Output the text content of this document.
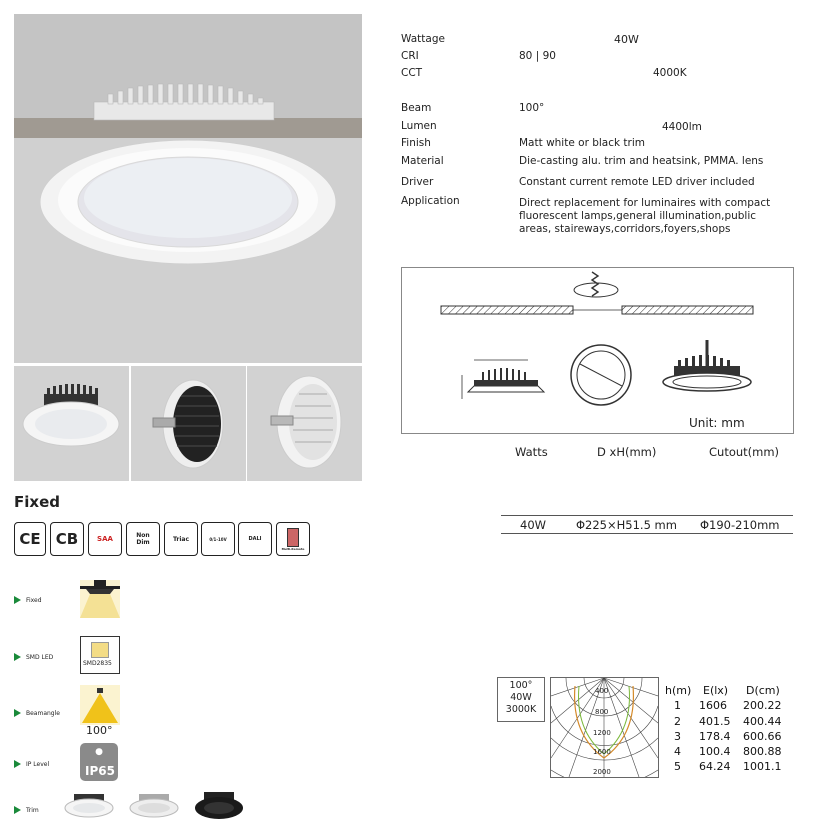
Wattage	40W
CRI	80 | 90
CCT	4000K
Beam	100°
Lumen	4400lm
Finish	Matt white or black trim
Material	Die-casting alu. trim and heatsink, PMMA. lens
Driver	Constant current remote LED driver included
Application	Direct replacement for luminaires with compact
fluorescent lamps,general illumination,public
areas, staireways,corridors,foyers,shops
Unit: mm
Watts	D xH(mm)	Cutout(mm)
40W	Φ225×H51.5 mm Φ190-210mm
Fixed
CE CB	SAA	Non
Dim	Triac	0/1-10V	DALI
Multi-Remote
Fixed
SMD LED
SMD2835
Beamangle
100°
IP Level
●
IP65
Trim
100°
40W
3000K
400
800
1200
1600
2000
h(m) E(lx) D(cm)
1 1606 200.22
2 401.5 400.44
3 178.4 600.66
4 100.4 800.88
5 64.24 1001.1
